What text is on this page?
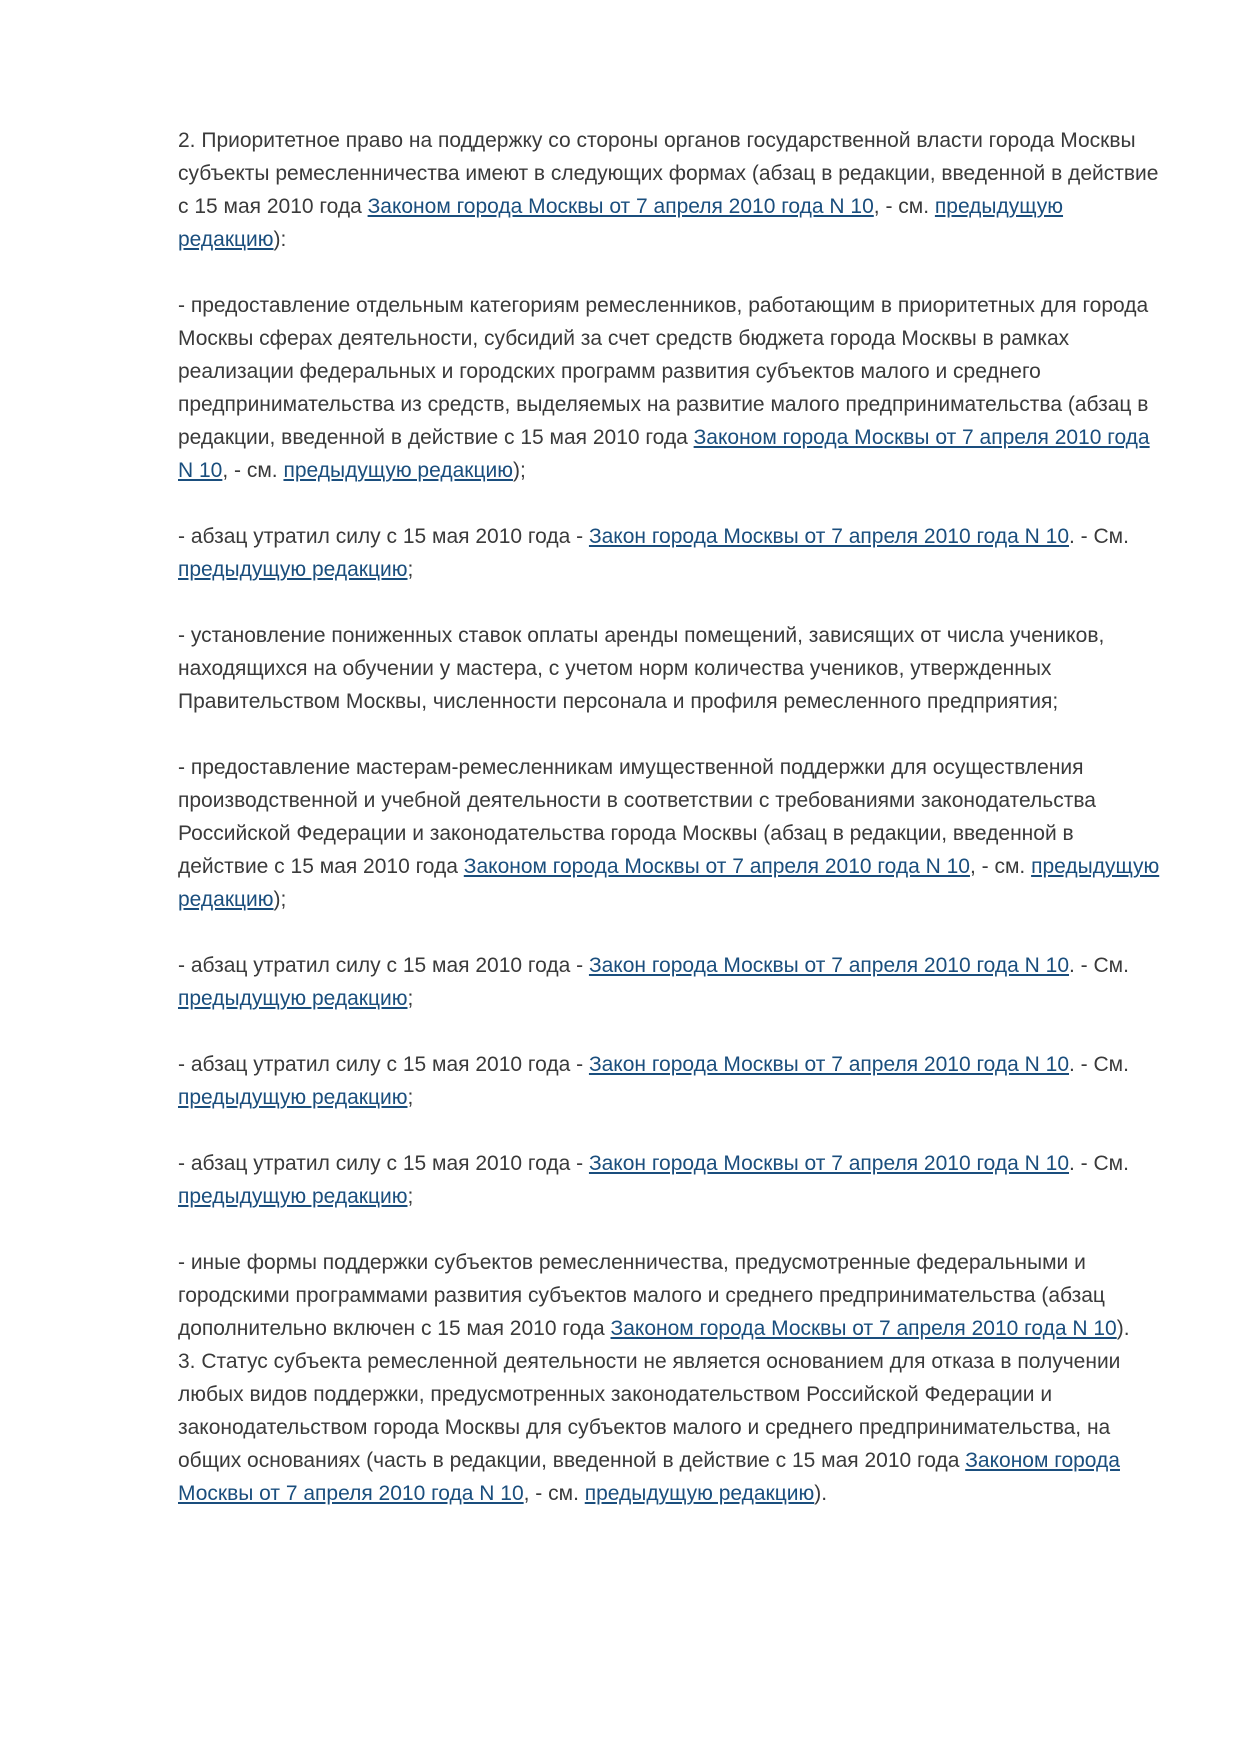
2. Приоритетное право на поддержку со стороны органов государственной власти города Москвы субъекты ремесленничества имеют в следующих формах (абзац в редакции, введенной в действие с 15 мая 2010 года Законом города Москвы от 7 апреля 2010 года N 10, - см. предыдущую редакцию):

- предоставление отдельным категориям ремесленников, работающим в приоритетных для города Москвы сферах деятельности, субсидий за счет средств бюджета города Москвы в рамках реализации федеральных и городских программ развития субъектов малого и среднего предпринимательства из средств, выделяемых на развитие малого предпринимательства (абзац в редакции, введенной в действие с 15 мая 2010 года Законом города Москвы от 7 апреля 2010 года N 10, - см. предыдущую редакцию);

- абзац утратил силу с 15 мая 2010 года - Закон города Москвы от 7 апреля 2010 года N 10. - См. предыдущую редакцию;

- установление пониженных ставок оплаты аренды помещений, зависящих от числа учеников, находящихся на обучении у мастера, с учетом норм количества учеников, утвержденных Правительством Москвы, численности персонала и профиля ремесленного предприятия;

- предоставление мастерам-ремесленникам имущественной поддержки для осуществления производственной и учебной деятельности в соответствии с требованиями законодательства Российской Федерации и законодательства города Москвы (абзац в редакции, введенной в действие с 15 мая 2010 года Законом города Москвы от 7 апреля 2010 года N 10, - см. предыдущую редакцию);

- абзац утратил силу с 15 мая 2010 года - Закон города Москвы от 7 апреля 2010 года N 10. - См. предыдущую редакцию;

- абзац утратил силу с 15 мая 2010 года - Закон города Москвы от 7 апреля 2010 года N 10. - См. предыдущую редакцию;

- абзац утратил силу с 15 мая 2010 года - Закон города Москвы от 7 апреля 2010 года N 10. - См. предыдущую редакцию;

- иные формы поддержки субъектов ремесленничества, предусмотренные федеральными и городскими программами развития субъектов малого и среднего предпринимательства (абзац дополнительно включен с 15 мая 2010 года Законом города Москвы от 7 апреля 2010 года N 10).

3. Статус субъекта ремесленной деятельности не является основанием для отказа в получении любых видов поддержки, предусмотренных законодательством Российской Федерации и законодательством города Москвы для субъектов малого и среднего предпринимательства, на общих основаниях (часть в редакции, введенной в действие с 15 мая 2010 года Законом города Москвы от 7 апреля 2010 года N 10, - см. предыдущую редакцию).
